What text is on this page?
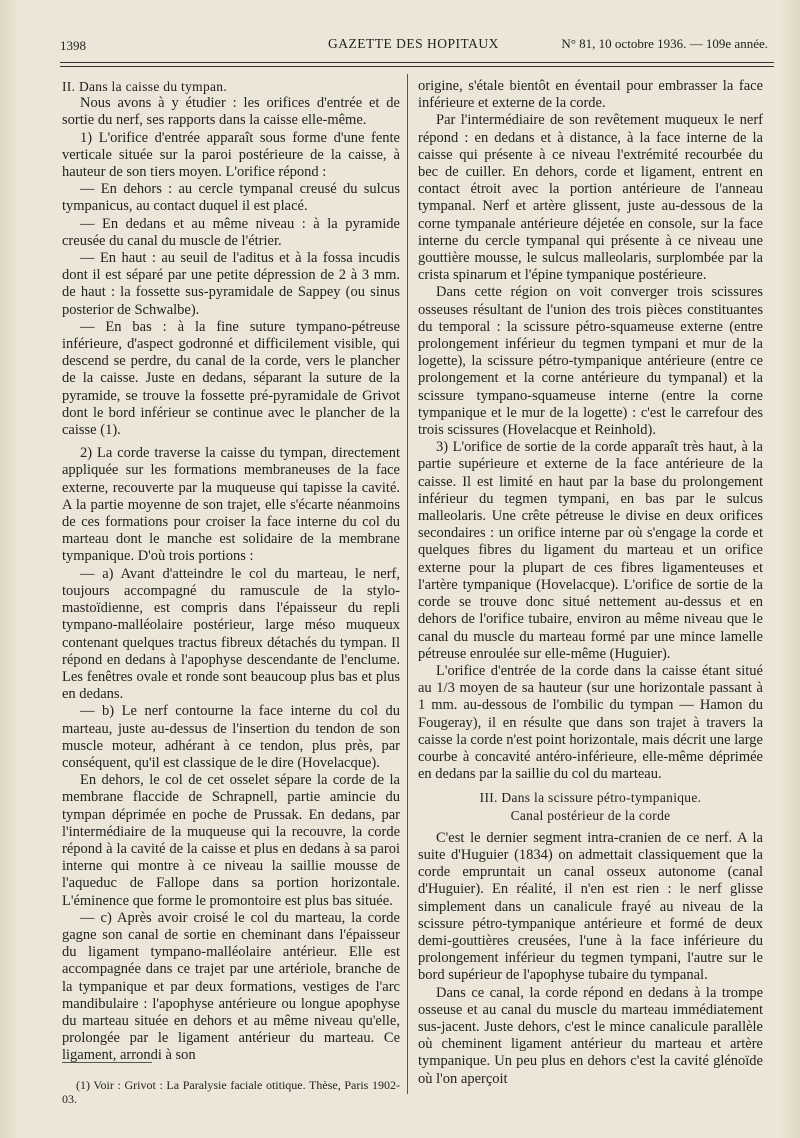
1398	GAZETTE DES HOPITAUX	N° 81, 10 octobre 1936. — 109e année.

II. Dans la caisse du tympan.

Nous avons à y étudier : les orifices d'entrée et de sortie du nerf, ses rapports dans la caisse elle-même.

1) L'orifice d'entrée apparaît sous forme d'une fente verticale située sur la paroi postérieure de la caisse, à hauteur de son tiers moyen. L'orifice répond :

— En dehors : au cercle tympanal creusé du sulcus tympanicus, au contact duquel il est placé.

— En dedans et au même niveau : à la pyramide creusée du canal du muscle de l'étrier.

— En haut : au seuil de l'aditus et à la fossa incudis dont il est séparé par une petite dépression de 2 à 3 mm. de haut : la fossette sus-pyramidale de Sappey (ou sinus posterior de Schwalbe).

— En bas : à la fine suture tympano-pétreuse inférieure, d'aspect godronné et difficilement visible, qui descend se perdre, du canal de la corde, vers le plancher de la caisse. Juste en dedans, séparant la suture de la pyramide, se trouve la fossette pré-pyramidale de Grivot dont le bord inférieur se continue avec le plancher de la caisse (1).

2) La corde traverse la caisse du tympan, directement appliquée sur les formations membraneuses de la face externe, recouverte par la muqueuse qui tapisse la cavité. A la partie moyenne de son trajet, elle s'écarte néanmoins de ces formations pour croiser la face interne du col du marteau dont le manche est solidaire de la membrane tympanique. D'où trois portions :

— a) Avant d'atteindre le col du marteau, le nerf, toujours accompagné du ramuscule de la stylo-mastoïdienne, est compris dans l'épaisseur du repli tympano-malléolaire postérieur, large méso muqueux contenant quelques tractus fibreux détachés du tympan. Il répond en dedans à l'apophyse descendante de l'enclume. Les fenêtres ovale et ronde sont beaucoup plus bas et plus en dedans.

— b) Le nerf contourne la face interne du col du marteau, juste au-dessus de l'insertion du tendon de son muscle moteur, adhérant à ce tendon, plus près, par conséquent, qu'il est classique de le dire (Hovelacque).

En dehors, le col de cet osselet sépare la corde de la membrane flaccide de Schrapnell, partie amincie du tympan déprimée en poche de Prussak. En dedans, par l'intermédiaire de la muqueuse qui la recouvre, la corde répond à la cavité de la caisse et plus en dedans à sa paroi interne qui montre à ce niveau la saillie mousse de l'aqueduc de Fallope dans sa portion horizontale. L'éminence que forme le promontoire est plus bas située.

— c) Après avoir croisé le col du marteau, la corde gagne son canal de sortie en cheminant dans l'épaisseur du ligament tympano-malléolaire antérieur. Elle est accompagnée dans ce trajet par une artériole, branche de la tympanique et par deux formations, vestiges de l'arc mandibulaire : l'apophyse antérieure ou longue apophyse du marteau située en dehors et au même niveau qu'elle, prolongée par le ligament antérieur du marteau. Ce ligament, arrondi à son

(1) Voir : Grivot : La Paralysie faciale otitique. Thèse, Paris 1902-03.

origine, s'étale bientôt en éventail pour embrasser la face inférieure et externe de la corde.

Par l'intermédiaire de son revêtement muqueux le nerf répond : en dedans et à distance, à la face interne de la caisse qui présente à ce niveau l'extrémité recourbée du bec de cuiller. En dehors, corde et ligament, entrent en contact étroit avec la portion antérieure de l'anneau tympanal. Nerf et artère glissent, juste au-dessous de la corne tympanale antérieure déjetée en console, sur la face interne du cercle tympanal qui présente à ce niveau une gouttière mousse, le sulcus malleolaris, surplombée par la crista spinarum et l'épine tympanique postérieure.

Dans cette région on voit converger trois scissures osseuses résultant de l'union des trois pièces constituantes du temporal : la scissure pétro-squameuse externe (entre prolongement inférieur du tegmen tympani et mur de la logette), la scissure pétro-tympanique antérieure (entre ce prolongement et la corne antérieure du tympanal) et la scissure tympano-squameuse interne (entre la corne tympanique et le mur de la logette) : c'est le carrefour des trois scissures (Hovelacque et Reinhold).

3) L'orifice de sortie de la corde apparaît très haut, à la partie supérieure et externe de la face antérieure de la caisse. Il est limité en haut par la base du prolongement inférieur du tegmen tympani, en bas par le sulcus malleolaris. Une crête pétreuse le divise en deux orifices secondaires : un orifice interne par où s'engage la corde et quelques fibres du ligament du marteau et un orifice externe pour la plupart de ces fibres ligamenteuses et l'artère tympanique (Hovelacque). L'orifice de sortie de la corde se trouve donc situé nettement au-dessus et en dehors de l'orifice tubaire, environ au même niveau que le canal du muscle du marteau formé par une mince lamelle pétreuse enroulée sur elle-même (Huguier).

L'orifice d'entrée de la corde dans la caisse étant situé au 1/3 moyen de sa hauteur (sur une horizontale passant à 1 mm. au-dessous de l'ombilic du tympan — Hamon du Fougeray), il en résulte que dans son trajet à travers la caisse la corde n'est point horizontale, mais décrit une large courbe à concavité antéro-inférieure, elle-même déprimée en dedans par la saillie du col du marteau.

III. Dans la scissure pétro-tympanique.

Canal postérieur de la corde

C'est le dernier segment intra-cranien de ce nerf. A la suite d'Huguier (1834) on admettait classiquement que la corde empruntait un canal osseux autonome (canal d'Huguier). En réalité, il n'en est rien : le nerf glisse simplement dans un canalicule frayé au niveau de la scissure pétro-tympanique antérieure et formé de deux demi-gouttières creusées, l'une à la face inférieure du prolongement inférieur du tegmen tympani, l'autre sur le bord supérieur de l'apophyse tubaire du tympanal.

Dans ce canal, la corde répond en dedans à la trompe osseuse et au canal du muscle du marteau immédiatement sus-jacent. Juste dehors, c'est le mince canalicule parallèle où cheminent ligament antérieur du marteau et artère tympanique. Un peu plus en dehors c'est la cavité glénoïde où l'on aperçoit
